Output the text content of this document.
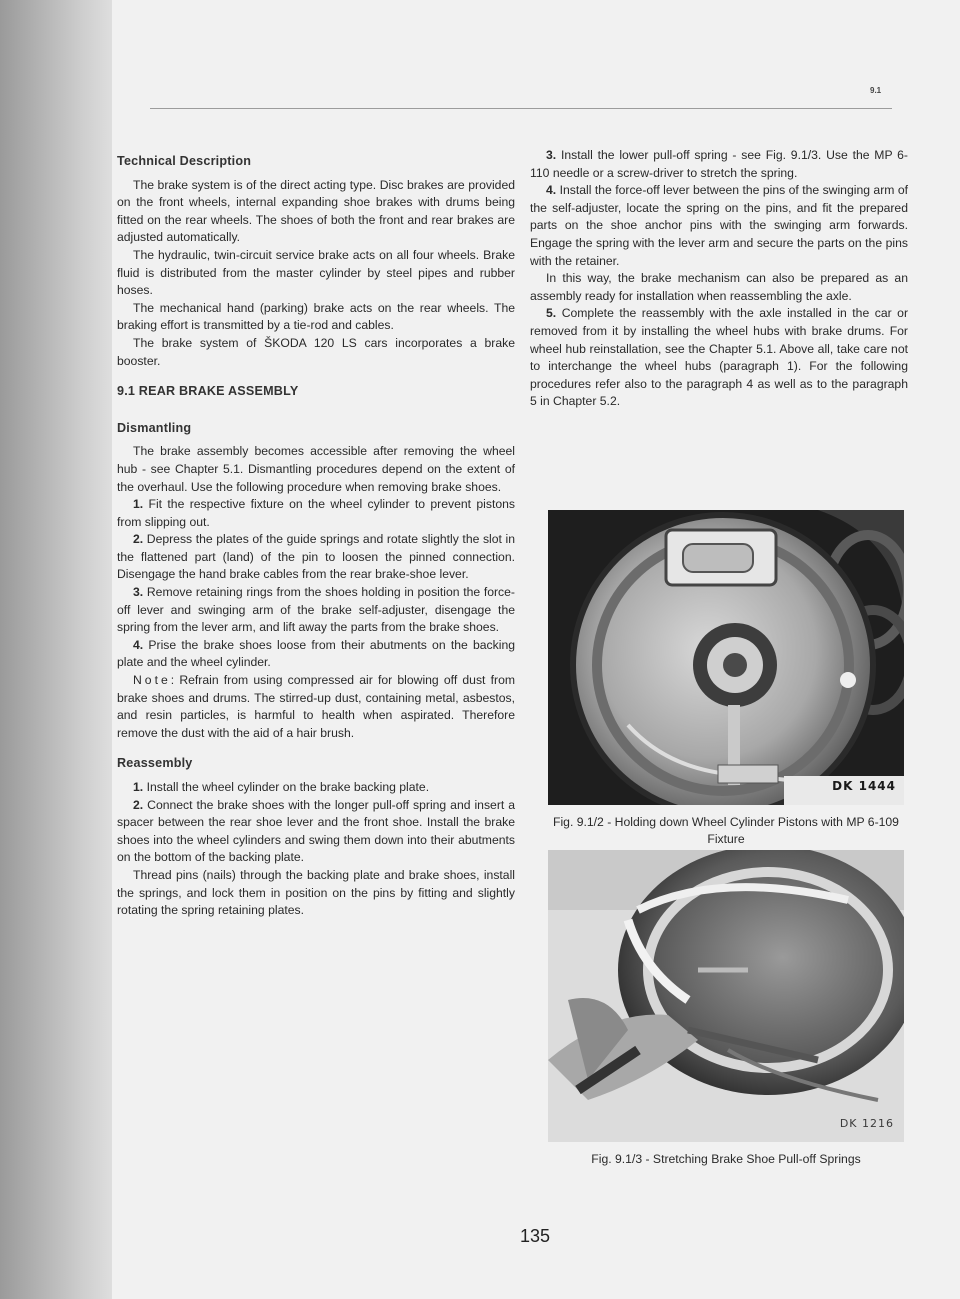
9.1
Technical Description

The brake system is of the direct acting type. Disc brakes are provided on the front wheels, internal expanding shoe brakes with drums being fitted on the rear wheels. The shoes of both the front and rear brakes are adjusted automatically.

The hydraulic, twin-circuit service brake acts on all four wheels. Brake fluid is distributed from the master cylinder by steel pipes and rubber hoses.

The mechanical hand (parking) brake acts on the rear wheels. The braking effort is transmitted by a tie-rod and cables.

The brake system of ŠKODA 120 LS cars incorporates a brake booster.

9.1 REAR BRAKE ASSEMBLY
Dismantling

The brake assembly becomes accessible after removing the wheel hub - see Chapter 5.1. Dismantling procedures depend on the extent of the overhaul. Use the following procedure when removing brake shoes.

1. Fit the respective fixture on the wheel cylinder to prevent pistons from slipping out.

2. Depress the plates of the guide springs and rotate slightly the slot in the flattened part (land) of the pin to loosen the pinned connection. Disengage the hand brake cables from the rear brake-shoe lever.

3. Remove retaining rings from the shoes holding in position the force-off lever and swinging arm of the brake self-adjuster, disengage the spring from the lever arm, and lift away the parts from the brake shoes.

4. Prise the brake shoes loose from their abutments on the backing plate and the wheel cylinder.

Note: Refrain from using compressed air for blowing off dust from brake shoes and drums. The stirred-up dust, containing metal, asbestos, and resin particles, is harmful to health when aspirated. Therefore remove the dust with the aid of a hair brush.

Reassembly

1. Install the wheel cylinder on the brake backing plate.

2. Connect the brake shoes with the longer pull-off spring and insert a spacer between the rear shoe lever and the front shoe. Install the brake shoes into the wheel cylinders and swing them down into their abutments on the bottom of the backing plate.

Thread pins (nails) through the backing plate and brake shoes, install the springs, and lock them in position on the pins by fitting and slightly rotating the spring retaining plates.

3. Install the lower pull-off spring - see Fig. 9.1/3. Use the MP 6-110 needle or a screw-driver to stretch the spring.

4. Install the force-off lever between the pins of the swinging arm of the self-adjuster, locate the spring on the pins, and fit the prepared parts on the shoe anchor pins with the swinging arm forwards. Engage the spring with the lever arm and secure the parts on the pins with the retainer.

In this way, the brake mechanism can also be prepared as an assembly ready for installation when reassembling the axle.

5. Complete the reassembly with the axle installed in the car or removed from it by installing the wheel hubs with brake drums. For wheel hub reinstallation, see the Chapter 5.1. Above all, take care not to interchange the wheel hubs (paragraph 1). For the following procedures refer also to the paragraph 4 as well as to the paragraph 5 in Chapter 5.2.

DK 1444
Fig. 9.1/2 - Holding down Wheel Cylinder Pistons with MP 6-109 Fixture
DK 1216
Fig. 9.1/3 - Stretching Brake Shoe Pull-off Springs
135
